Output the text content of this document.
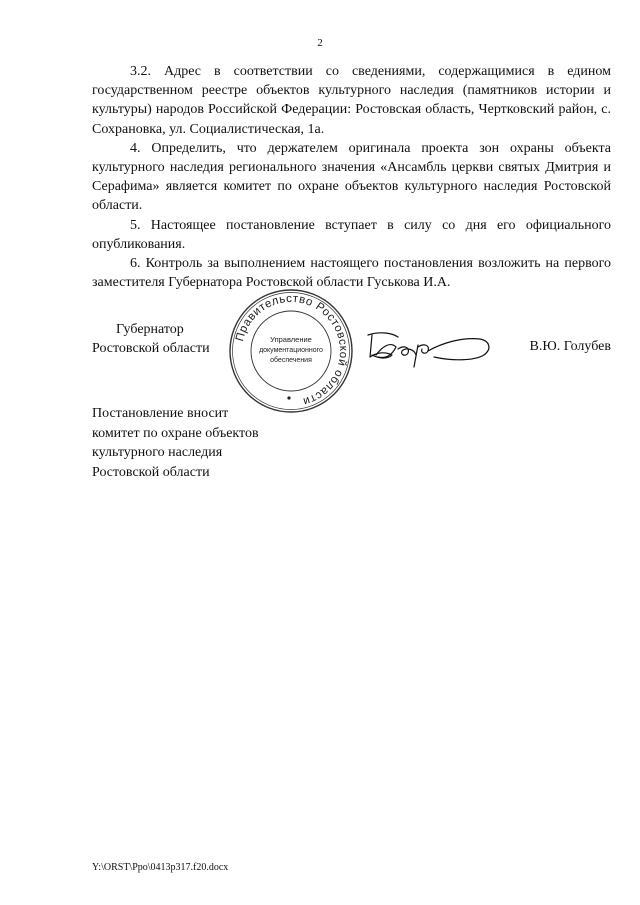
2

3.2. Адрес в соответствии со сведениями, содержащимися в едином государственном реестре объектов культурного наследия (памятников истории и культуры) народов Российской Федерации: Ростовская область, Чертковский район, с. Сохрановка, ул. Социалистическая, 1а.

4. Определить, что держателем оригинала проекта зон охраны объекта культурного наследия регионального значения «Ансамбль церкви святых Дмитрия и Серафима» является комитет по охране объектов культурного наследия Ростовской области.

5. Настоящее постановление вступает в силу со дня его официального опубликования.

6. Контроль за выполнением настоящего постановления возложить на первого заместителя Губернатора Ростовской области Гуськова И.А.

Губернатор
Ростовской области
Правительство Ростовской области
Управление
документационного
обеспечения
В.Ю. Голубев
Постановление вносит
комитет по охране объектов
культурного наследия
Ростовской области
Y:\ORST\Ppo\0413p317.f20.docx
